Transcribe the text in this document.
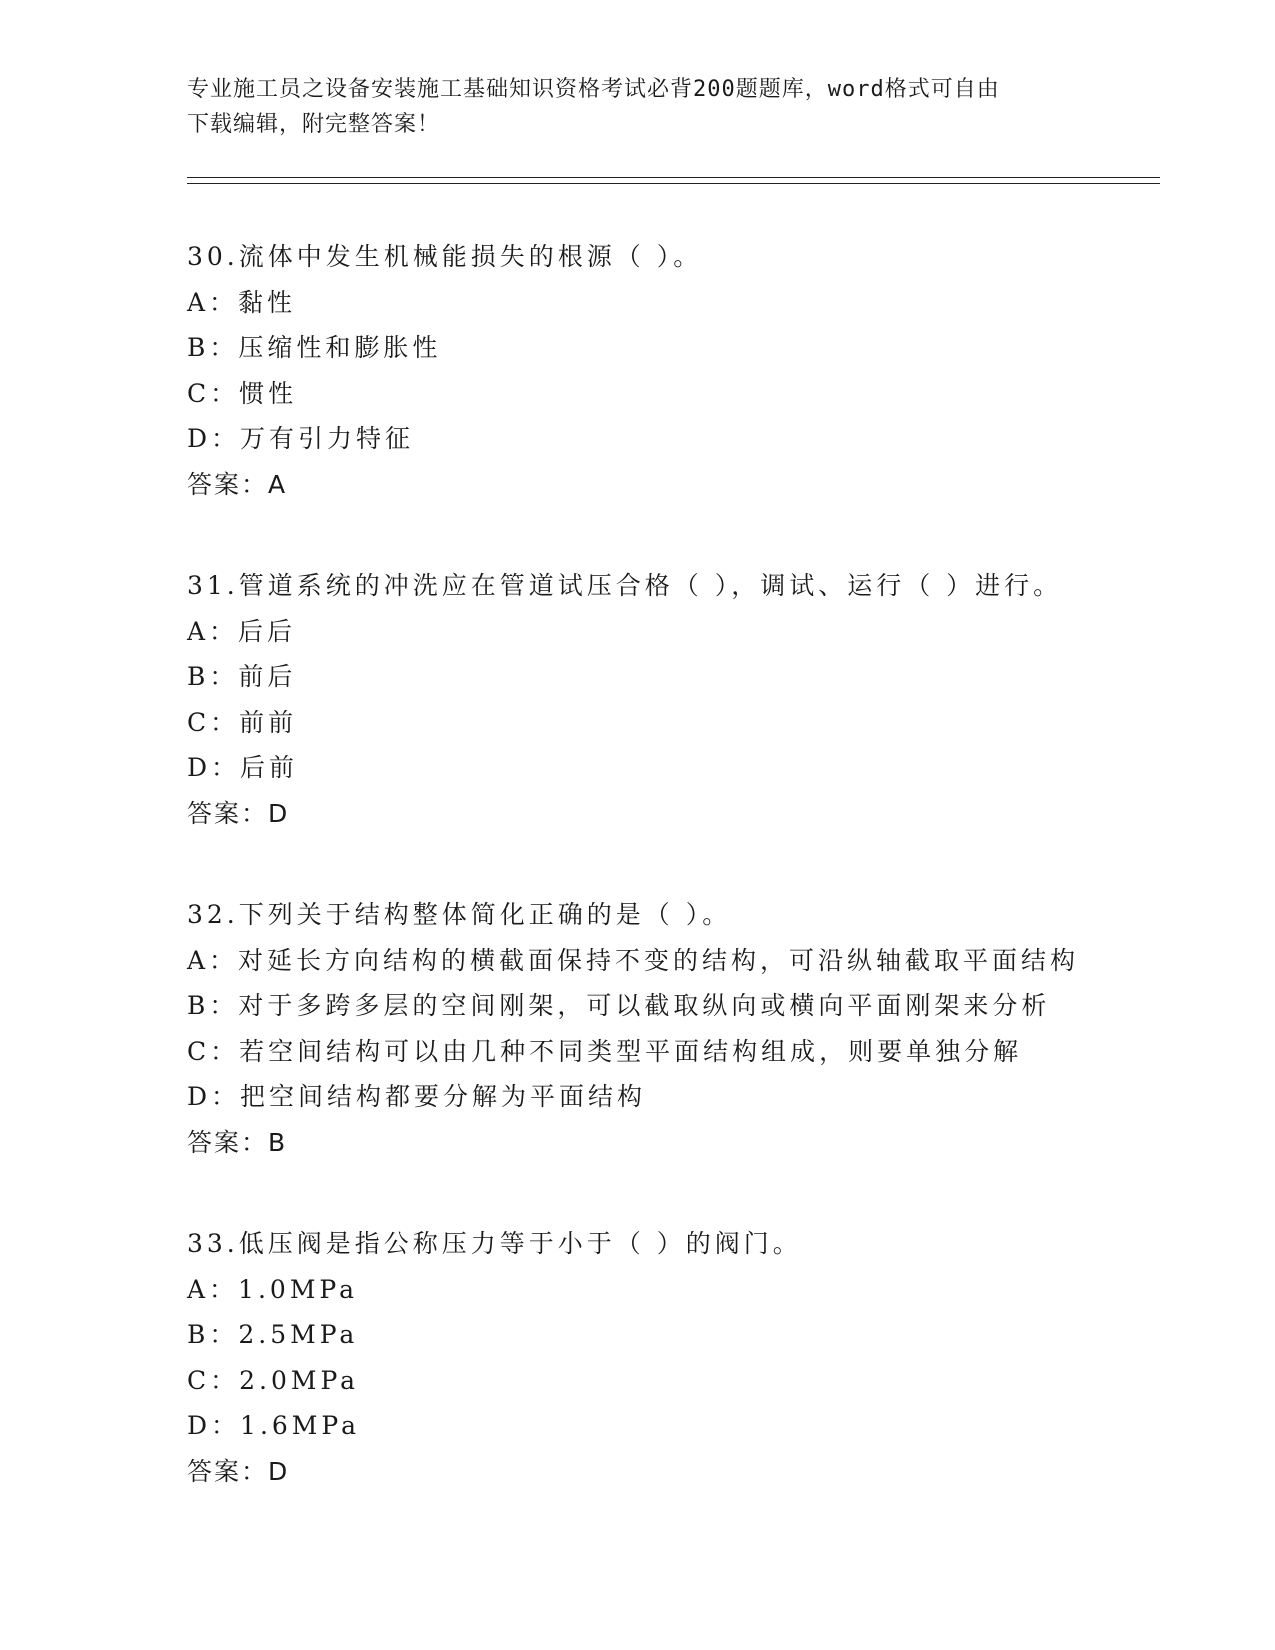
专业施工员之设备安装施工基础知识资格考试必背200题题库，word格式可自由
下载编辑，附完整答案！
30.流体中发生机械能损失的根源（ ）。
A：黏性
B：压缩性和膨胀性
C：惯性
D：万有引力特征
答案：A
31.管道系统的冲洗应在管道试压合格（ ），调试、运行（ ）进行。
A：后后
B：前后
C：前前
D：后前
答案：D
32.下列关于结构整体简化正确的是（ ）。
A：对延长方向结构的横截面保持不变的结构，可沿纵轴截取平面结构
B：对于多跨多层的空间刚架，可以截取纵向或横向平面刚架来分析
C：若空间结构可以由几种不同类型平面结构组成，则要单独分解
D：把空间结构都要分解为平面结构
答案：B
33.低压阀是指公称压力等于小于（ ）的阀门。
A：1.0MPa
B：2.5MPa
C：2.0MPa
D：1.6MPa
答案：D
